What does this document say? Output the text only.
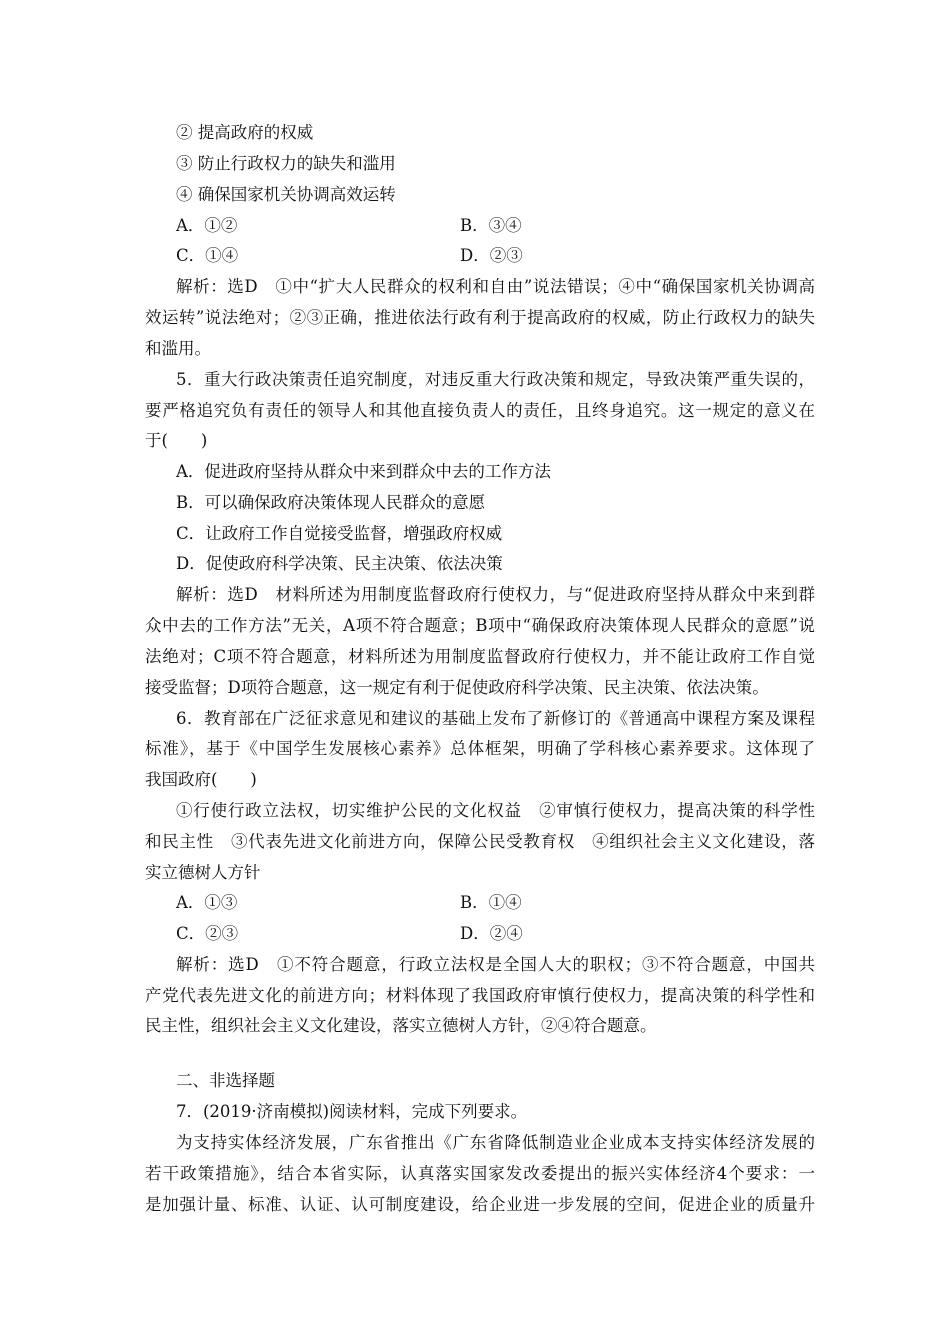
② 提高政府的权威
③ 防止行政权力的缺失和滥用
④ 确保国家机关协调高效运转
A．①②	B．③④
C．①④	D．②③
解析：选D　①中“扩大人民群众的权利和自由”说法错误；④中“确保国家机关协调高
效运转”说法绝对；②③正确，推进依法行政有利于提高政府的权威，防止行政权力的缺失
和滥用。
5．重大行政决策责任追究制度，对违反重大行政决策和规定，导致决策严重失误的，
要严格追究负有责任的领导人和其他直接负责人的责任，且终身追究。这一规定的意义在
于(　　)
A．促进政府坚持从群众中来到群众中去的工作方法
B．可以确保政府决策体现人民群众的意愿
C．让政府工作自觉接受监督，增强政府权威
D．促使政府科学决策、民主决策、依法决策
解析：选D　材料所述为用制度监督政府行使权力，与“促进政府坚持从群众中来到群
众中去的工作方法”无关，A项不符合题意；B项中“确保政府决策体现人民群众的意愿”说
法绝对；C项不符合题意，材料所述为用制度监督政府行使权力，并不能让政府工作自觉
接受监督；D项符合题意，这一规定有利于促使政府科学决策、民主决策、依法决策。
6．教育部在广泛征求意见和建议的基础上发布了新修订的《普通高中课程方案及课程
标准》，基于《中国学生发展核心素养》总体框架，明确了学科核心素养要求。这体现了
我国政府(　　)
①行使行政立法权，切实维护公民的文化权益　②审慎行使权力，提高决策的科学性
和民主性　③代表先进文化前进方向，保障公民受教育权　④组织社会主义文化建设，落
实立德树人方针
A．①③	B．①④
C．②③	D．②④
解析：选D　①不符合题意，行政立法权是全国人大的职权；③不符合题意，中国共
产党代表先进文化的前进方向；材料体现了我国政府审慎行使权力，提高决策的科学性和
民主性，组织社会主义文化建设，落实立德树人方针，②④符合题意。
二、非选择题
7．(2019·济南模拟)阅读材料，完成下列要求。
为支持实体经济发展，广东省推出《广东省降低制造业企业成本支持实体经济发展的
若干政策措施》，结合本省实际，认真落实国家发改委提出的振兴实体经济4个要求：一
是加强计量、标准、认证、认可制度建设，给企业进一步发展的空间，促进企业的质量升
